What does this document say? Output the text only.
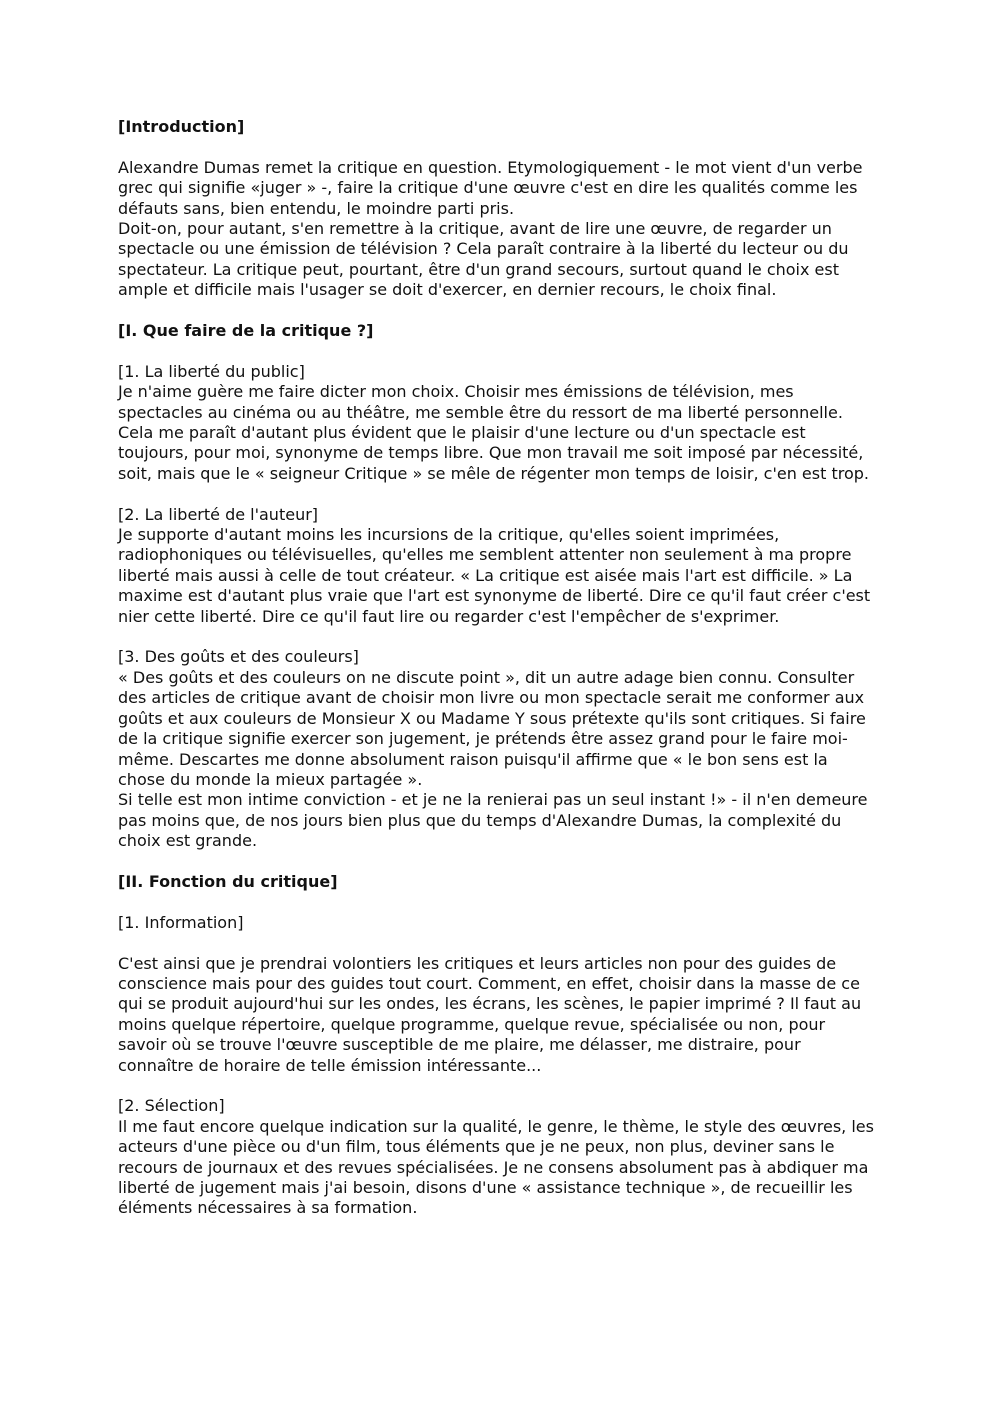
[Introduction]

Alexandre Dumas remet la critique en question. Etymologiquement - le mot vient d'un verbe grec qui signifie «juger » -, faire la critique d'une œuvre c'est en dire les qualités comme les défauts sans, bien entendu, le moindre parti pris.

Doit-on, pour autant, s'en remettre à la critique, avant de lire une œuvre, de regarder un spectacle ou une émission de télévision ? Cela paraît contraire à la liberté du lecteur ou du spectateur. La critique peut, pourtant, être d'un grand secours, surtout quand le choix est ample et difficile mais l'usager se doit d'exercer, en dernier recours, le choix final.

[I. Que faire de la critique ?]

[1. La liberté du public]

Je n'aime guère me faire dicter mon choix. Choisir mes émissions de télévision, mes spectacles au cinéma ou au théâtre, me semble être du ressort de ma liberté personnelle. Cela me paraît d'autant plus évident que le plaisir d'une lecture ou d'un spectacle est toujours, pour moi, synonyme de temps libre. Que mon travail me soit imposé par nécessité, soit, mais que le « seigneur Critique » se mêle de régenter mon temps de loisir, c'en est trop.

[2. La liberté de l'auteur]

Je supporte d'autant moins les incursions de la critique, qu'elles soient imprimées, radiophoniques ou télévisuelles, qu'elles me semblent attenter non seulement à ma propre liberté mais aussi à celle de tout créateur. « La critique est aisée mais l'art est difficile. » La maxime est d'autant plus vraie que l'art est synonyme de liberté. Dire ce qu'il faut créer c'est nier cette liberté. Dire ce qu'il faut lire ou regarder c'est l'empêcher de s'exprimer.

[3. Des goûts et des couleurs]

« Des goûts et des couleurs on ne discute point », dit un autre adage bien connu. Consulter des articles de critique avant de choisir mon livre ou mon spectacle serait me conformer aux goûts et aux couleurs de Monsieur X ou Madame Y sous prétexte qu'ils sont critiques. Si faire de la critique signifie exercer son jugement, je prétends être assez grand pour le faire moi-même. Descartes me donne absolument raison puisqu'il affirme que « le bon sens est la chose du monde la mieux partagée ».

Si telle est mon intime conviction - et je ne la renierai pas un seul instant !» - il n'en demeure pas moins que, de nos jours bien plus que du temps d'Alexandre Dumas, la complexité du choix est grande.

[II. Fonction du critique]

[1. Information]

C'est ainsi que je prendrai volontiers les critiques et leurs articles non pour des guides de conscience mais pour des guides tout court. Comment, en effet, choisir dans la masse de ce qui se produit aujourd'hui sur les ondes, les écrans, les scènes, le papier imprimé ? Il faut au moins quelque répertoire, quelque programme, quelque revue, spécialisée ou non, pour savoir où se trouve l'œuvre susceptible de me plaire, me délasser, me distraire, pour connaître de horaire de telle émission intéressante...

[2. Sélection]

Il me faut encore quelque indication sur la qualité, le genre, le thème, le style des œuvres, les acteurs d'une pièce ou d'un film, tous éléments que je ne peux, non plus, deviner sans le recours de journaux et des revues spécialisées. Je ne consens absolument pas à abdiquer ma liberté de jugement mais j'ai besoin, disons d'une « assistance technique », de recueillir les éléments nécessaires à sa formation.
